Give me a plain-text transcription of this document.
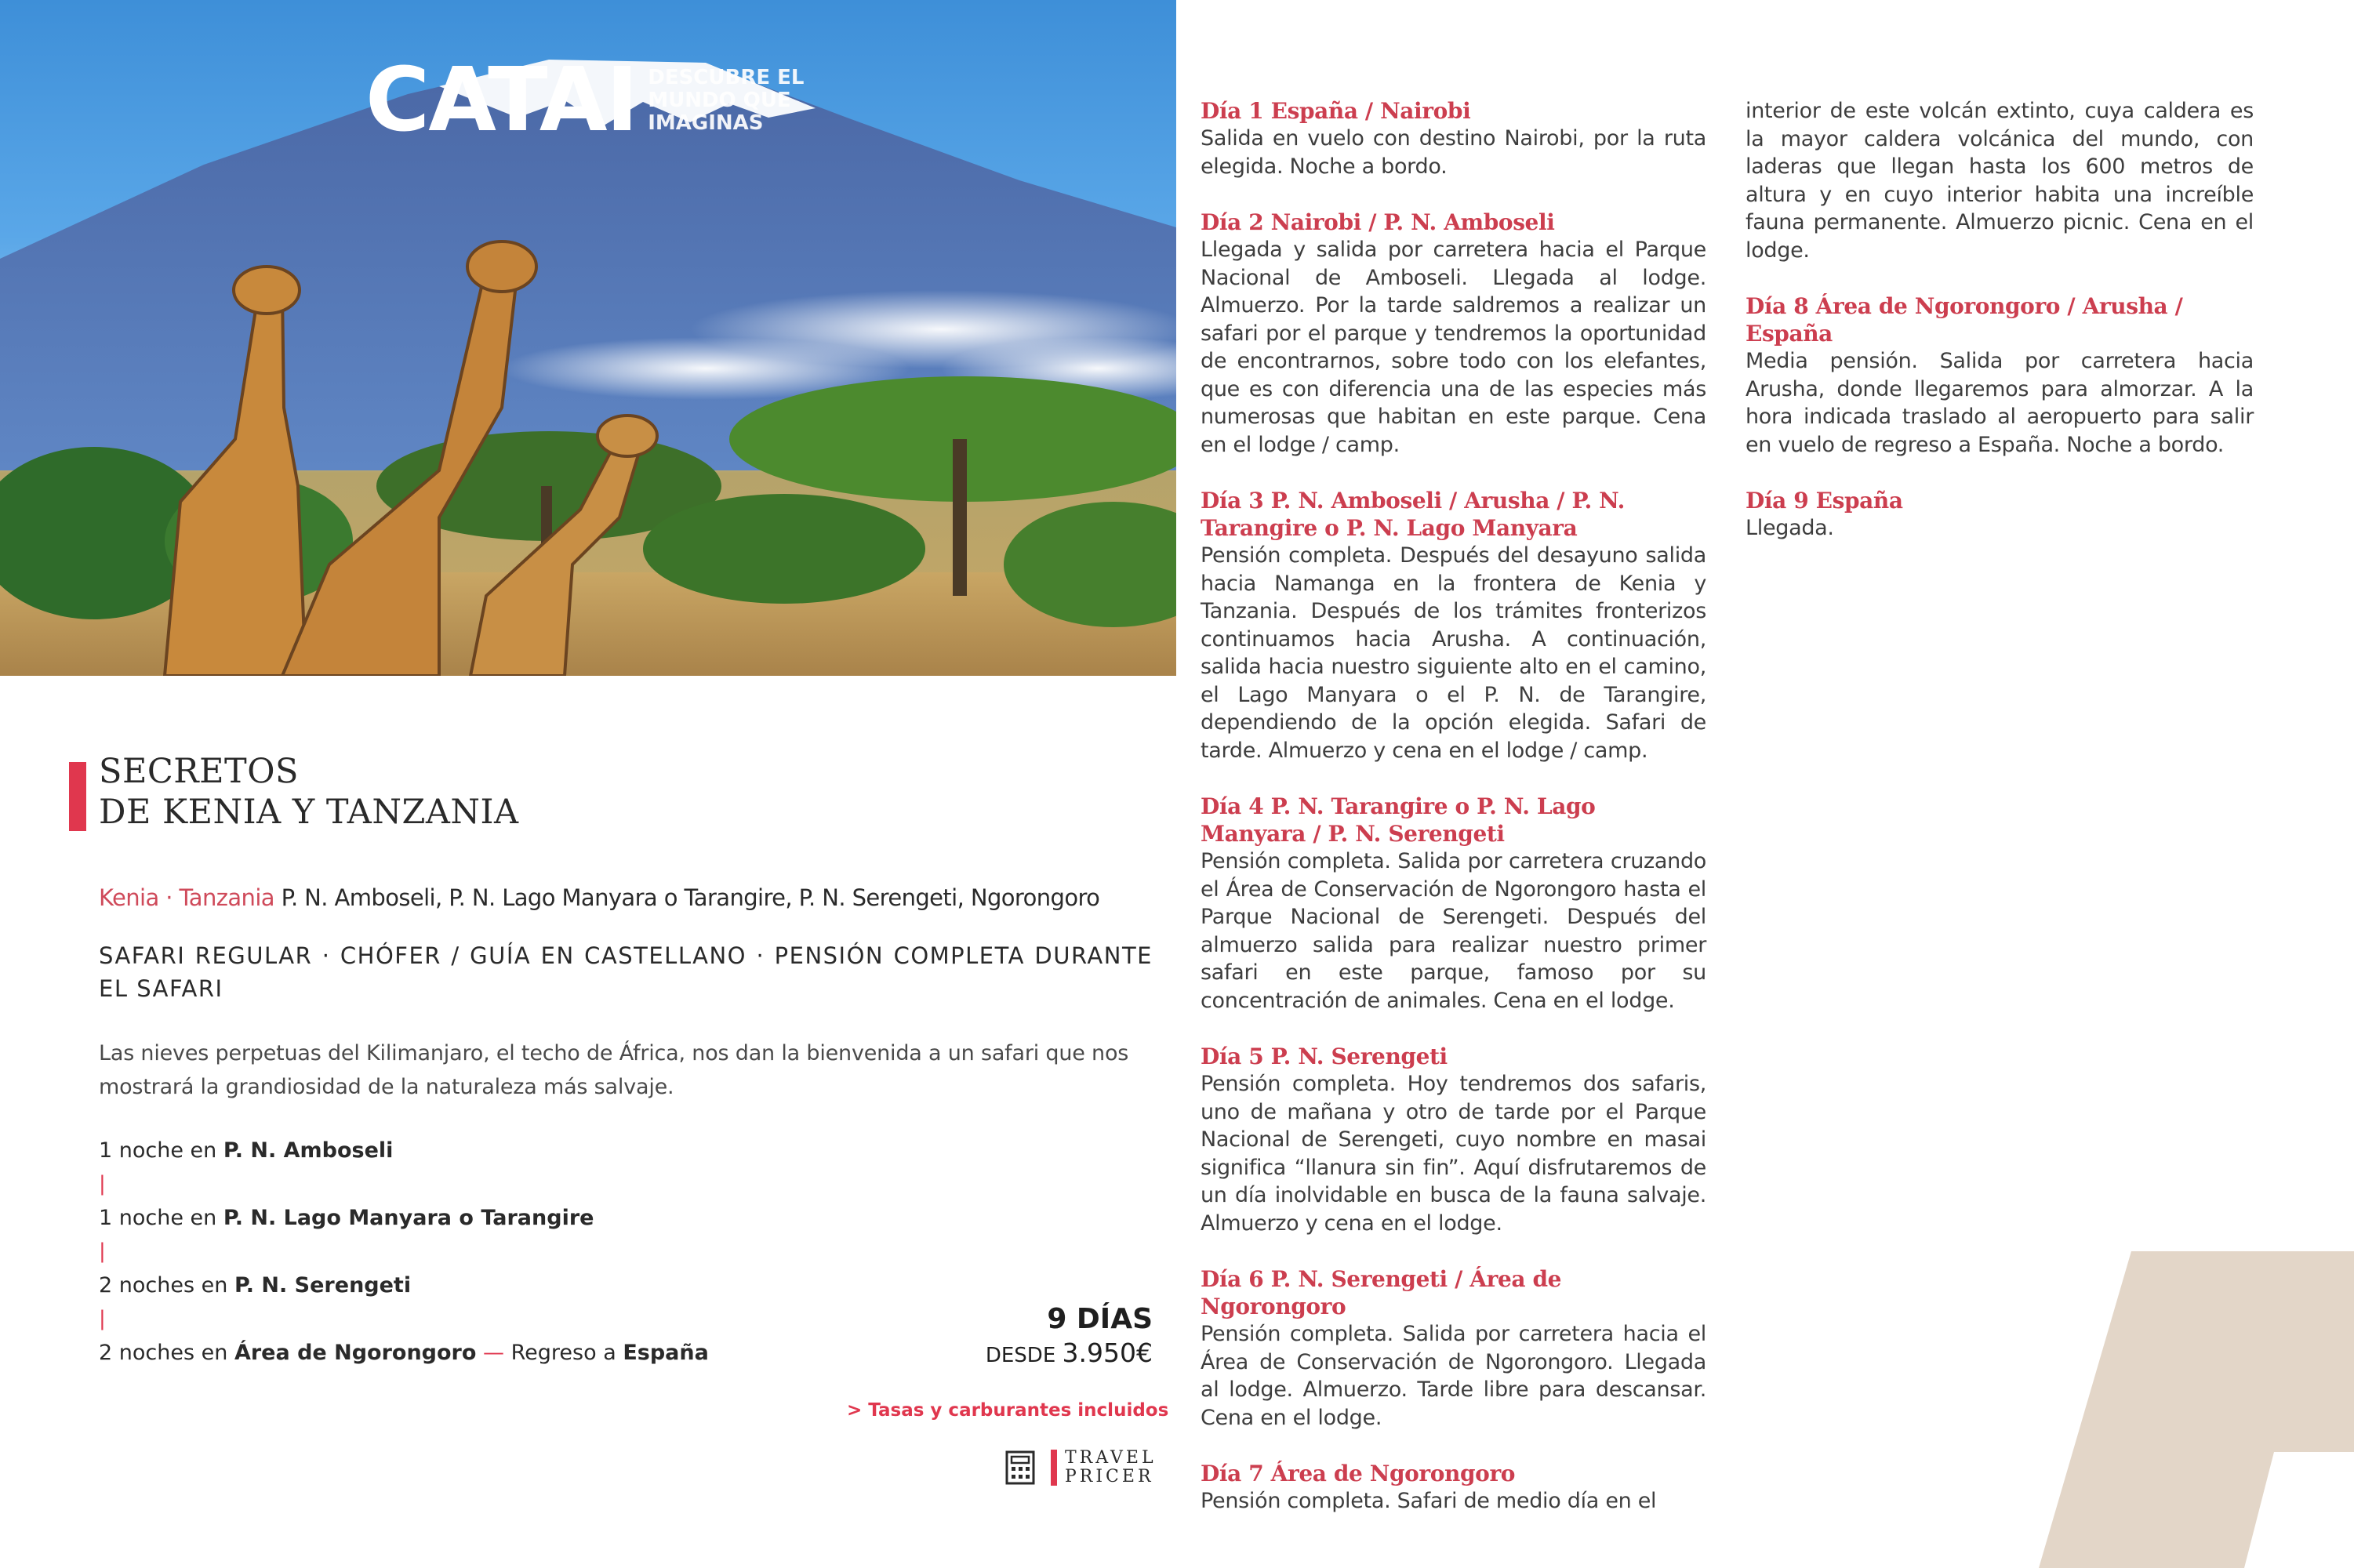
CATAI DESCUBRE EL
MUNDO QUE
IMAGINAS
SECRETOS
DE KENIA Y TANZANIA
Kenia · Tanzania P. N. Amboseli, P. N. Lago Manyara o Tarangire, P. N. Serengeti, Ngorongoro
SAFARI REGULAR · CHÓFER / GUÍA EN CASTELLANO · PENSIÓN COMPLETA DURANTE EL SAFARI
Las nieves perpetuas del Kilimanjaro, el techo de África, nos dan la bienvenida a un safari que nos mostrará la grandiosidad de la naturaleza más salvaje.
1 noche en P. N. Amboseli
|
1 noche en P. N. Lago Manyara o Tarangire
|
2 noches en P. N. Serengeti
|
2 noches en Área de Ngorongoro — Regreso a España
9 DÍAS
DESDE 3.950€
> Tasas y carburantes incluidos
TRAVEL
PRICER
Día 1 España / Nairobi
Salida en vuelo con destino Nairobi, por la ruta elegida. Noche a bordo.
Día 2 Nairobi / P. N. Amboseli
Llegada y salida por carretera hacia el Parque Nacional de Amboseli. Llegada al lodge. Almuerzo. Por la tarde saldremos a realizar un safari por el parque y tendremos la oportunidad de encontrarnos, sobre todo con los elefantes, que es con diferencia una de las especies más numerosas que habitan en este parque. Cena en el lodge / camp.
Día 3 P. N. Amboseli / Arusha / P. N. Tarangire o P. N. Lago Manyara
Pensión completa. Después del desayuno salida hacia Namanga en la frontera de Kenia y Tanzania. Después de los trámites fronterizos continuamos hacia Arusha. A continuación, salida hacia nuestro siguiente alto en el camino, el Lago Manyara o el P. N. de Tarangire, dependiendo de la opción elegida. Safari de tarde. Almuerzo y cena en el lodge / camp.
Día 4 P. N. Tarangire o P. N. Lago Manyara / P. N. Serengeti
Pensión completa. Salida por carretera cruzando el Área de Conservación de Ngorongoro hasta el Parque Nacional de Serengeti. Después del almuerzo salida para realizar nuestro primer safari en este parque, famoso por su concentración de animales. Cena en el lodge.
Día 5 P. N. Serengeti
Pensión completa. Hoy tendremos dos safaris, uno de mañana y otro de tarde por el Parque Nacional de Serengeti, cuyo nombre en masai significa “llanura sin fin”. Aquí disfrutaremos de un día inolvidable en busca de la fauna salvaje. Almuerzo y cena en el lodge.
Día 6 P. N. Serengeti / Área de Ngorongoro
Pensión completa. Salida por carretera hacia el Área de Conservación de Ngorongoro. Llegada al lodge. Almuerzo. Tarde libre para descansar. Cena en el lodge.
Día 7 Área de Ngorongoro
Pensión completa. Safari de medio día en el
interior de este volcán extinto, cuya caldera es la mayor caldera volcánica del mundo, con laderas que llegan hasta los 600 metros de altura y en cuyo interior habita una increíble fauna permanente. Almuerzo picnic. Cena en el lodge.
Día 8 Área de Ngorongoro / Arusha / España
Media pensión. Salida por carretera hacia Arusha, donde llegaremos para almorzar. A la hora indicada traslado al aeropuerto para salir en vuelo de regreso a España. Noche a bordo.
Día 9 España
Llegada.
